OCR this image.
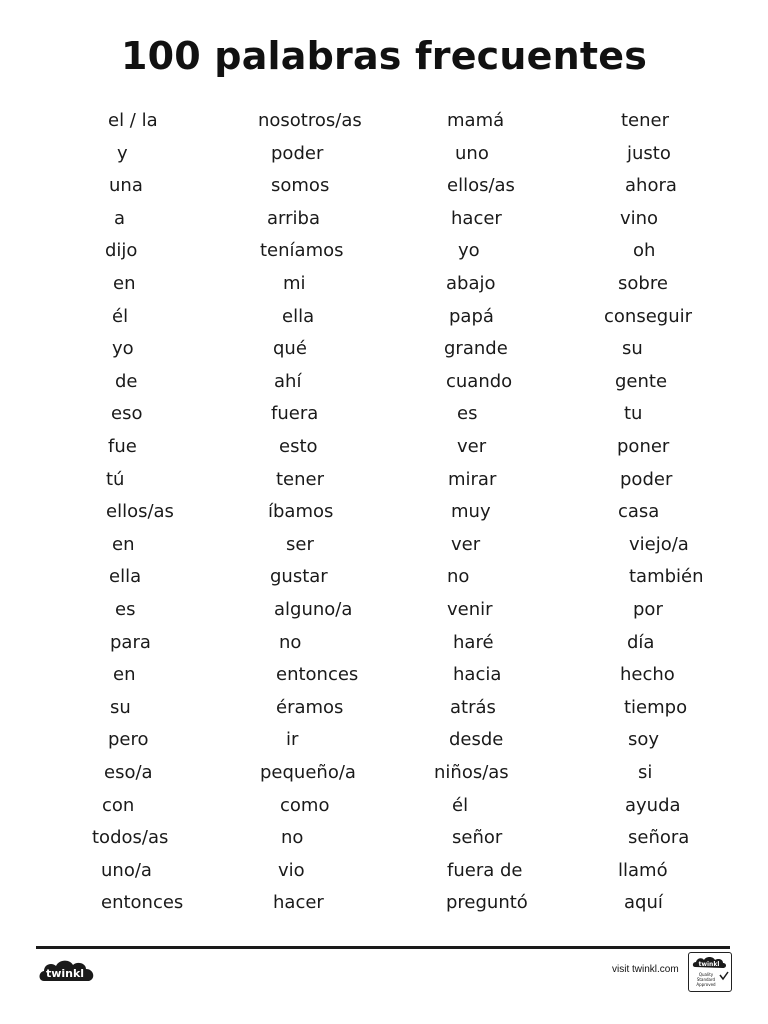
100 palabras frecuentes
el / la
y
una
a
dijo
en
él
yo
de
eso
fue
tú
ellos/as
en
ella
es
para
en
su
pero
eso/a
con
todos/as
uno/a
entonces
nosotros/as
poder
somos
arriba
teníamos
mi
ella
qué
ahí
fuera
esto
tener
íbamos
ser
gustar
alguno/a
no
entonces
éramos
ir
pequeño/a
como
no
vio
hacer
mamá
uno
ellos/as
hacer
yo
abajo
papá
grande
cuando
es
ver
mirar
muy
ver
no
venir
haré
hacia
atrás
desde
niños/as
él
señor
fuera de
preguntó
tener
justo
ahora
vino
oh
sobre
conseguir
su
gente
tu
poner
poder
casa
viejo/a
también
por
día
hecho
tiempo
soy
si
ayuda
señora
llamó
aquí
twinkl	visit twinkl.com	twinkl
Quality Standard Approved
